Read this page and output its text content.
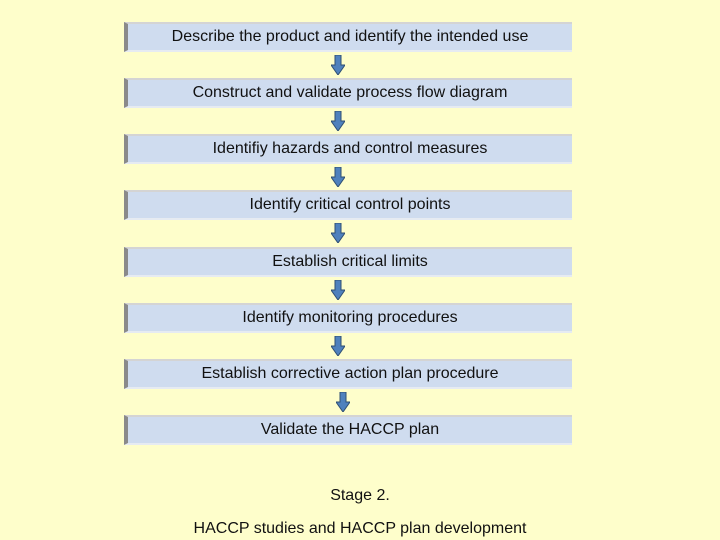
Describe the product and identify the intended use
Construct and validate process flow diagram
Identifiy hazards and control measures
Identify critical control points
Establish critical limits
Identify monitoring procedures
Establish corrective action plan procedure
Validate the HACCP plan
Stage 2.
HACCP studies and HACCP plan development
